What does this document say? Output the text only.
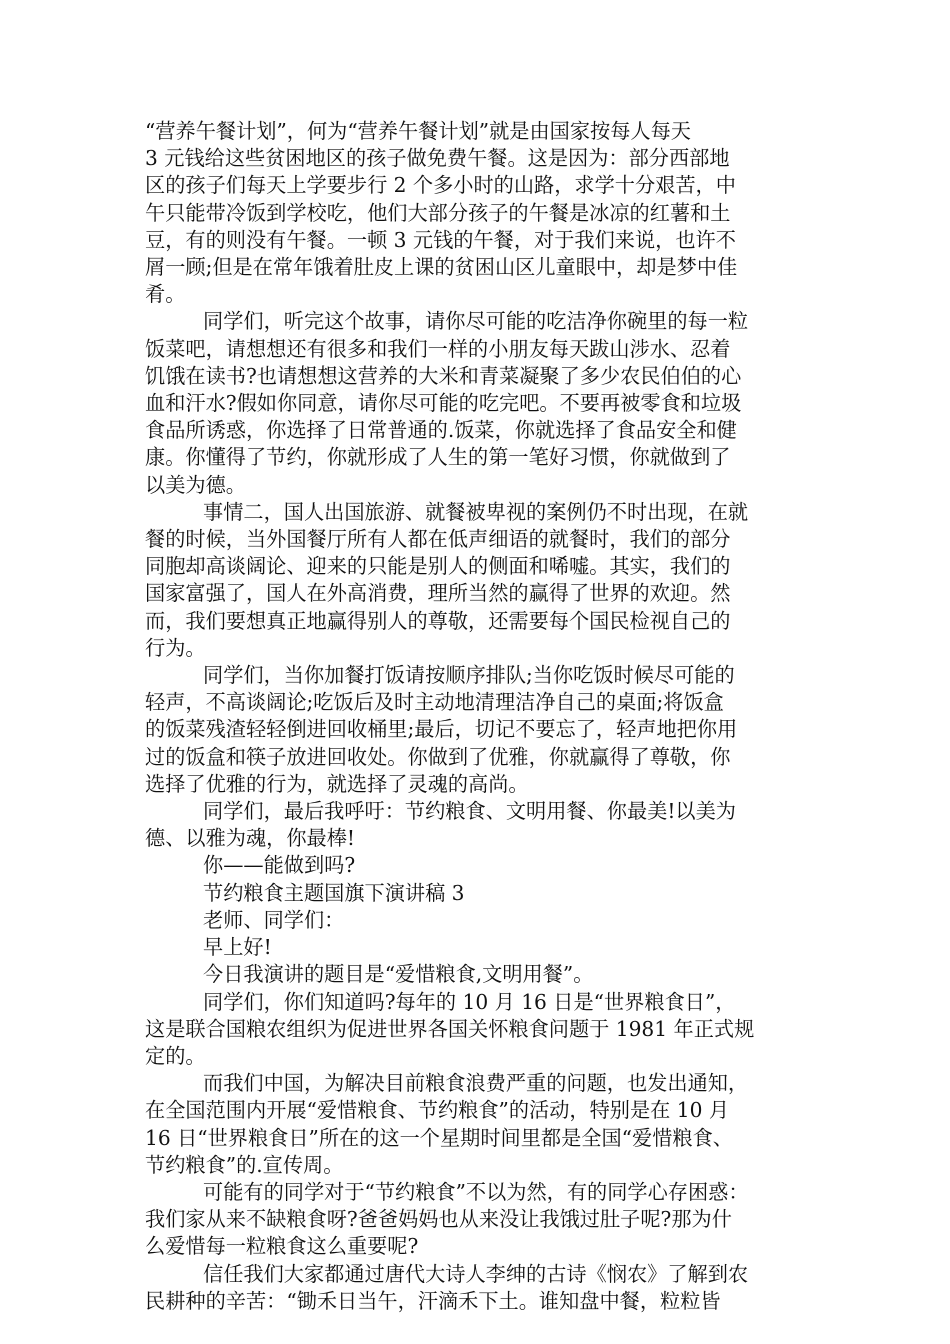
“营养午餐计划”，何为“营养午餐计划”就是由国家按每人每天
3 元钱给这些贫困地区的孩子做免费午餐。这是因为：部分西部地
区的孩子们每天上学要步行 2 个多小时的山路，求学十分艰苦，中
午只能带冷饭到学校吃，他们大部分孩子的午餐是冰凉的红薯和土
豆，有的则没有午餐。一顿 3 元钱的午餐，对于我们来说，也许不
屑一顾;但是在常年饿着肚皮上课的贫困山区儿童眼中，却是梦中佳
肴。
同学们，听完这个故事，请你尽可能的吃洁净你碗里的每一粒
饭菜吧，请想想还有很多和我们一样的小朋友每天跋山涉水、忍着
饥饿在读书?也请想想这营养的大米和青菜凝聚了多少农民伯伯的心
血和汗水?假如你同意，请你尽可能的吃完吧。不要再被零食和垃圾
食品所诱惑，你选择了日常普通的.饭菜，你就选择了食品安全和健
康。你懂得了节约，你就形成了人生的第一笔好习惯，你就做到了
以美为德。
事情二，国人出国旅游、就餐被卑视的案例仍不时出现，在就
餐的时候，当外国餐厅所有人都在低声细语的就餐时，我们的部分
同胞却高谈阔论、迎来的只能是别人的侧面和唏嘘。其实，我们的
国家富强了，国人在外高消费，理所当然的赢得了世界的欢迎。然
而，我们要想真正地赢得别人的尊敬，还需要每个国民检视自己的
行为。
同学们，当你加餐打饭请按顺序排队;当你吃饭时候尽可能的
轻声，不高谈阔论;吃饭后及时主动地清理洁净自己的桌面;将饭盒
的饭菜残渣轻轻倒进回收桶里;最后，切记不要忘了，轻声地把你用
过的饭盒和筷子放进回收处。你做到了优雅，你就赢得了尊敬，你
选择了优雅的行为，就选择了灵魂的高尚。
同学们，最后我呼吁：节约粮食、文明用餐、你最美!以美为
德、以雅为魂，你最棒!
你——能做到吗?
节约粮食主题国旗下演讲稿 3
老师、同学们：
早上好!
今日我演讲的题目是“爱惜粮食,文明用餐”。
同学们，你们知道吗?每年的 10 月 16 日是“世界粮食日”，
这是联合国粮农组织为促进世界各国关怀粮食问题于 1981 年正式规
定的。
而我们中国，为解决目前粮食浪费严重的问题，也发出通知，
在全国范围内开展“爱惜粮食、节约粮食”的活动，特别是在 10 月
16 日“世界粮食日”所在的这一个星期时间里都是全国“爱惜粮食、
节约粮食”的.宣传周。
可能有的同学对于“节约粮食”不以为然，有的同学心存困惑：
我们家从来不缺粮食呀?爸爸妈妈也从来没让我饿过肚子呢?那为什
么爱惜每一粒粮食这么重要呢?
信任我们大家都通过唐代大诗人李绅的古诗《悯农》了解到农
民耕种的辛苦：“锄禾日当午，汗滴禾下土。谁知盘中餐，粒粒皆
